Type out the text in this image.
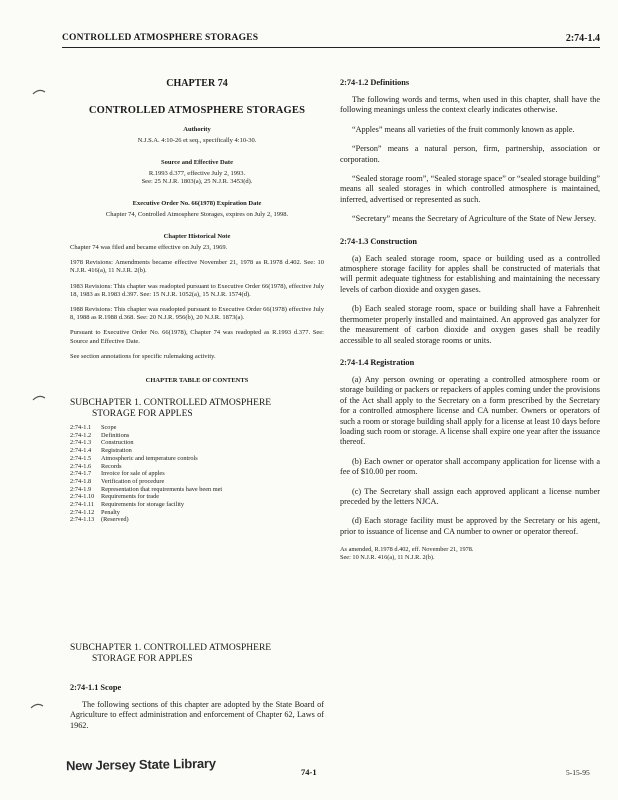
CONTROLLED ATMOSPHERE STORAGES	2:74-1.4
CHAPTER 74
CONTROLLED ATMOSPHERE STORAGES
Authority
N.J.S.A. 4:10-26 et seq., specifically 4:10-30.
Source and Effective Date
R.1993 d.377, effective July 2, 1993.
See: 25 N.J.R. 1803(a), 25 N.J.R. 3453(d).
Executive Order No. 66(1978) Expiration Date
Chapter 74, Controlled Atmosphere Storages, expires on July 2, 1998.
Chapter Historical Note

Chapter 74 was filed and became effective on July 23, 1969.

1978 Revisions: Amendments became effective November 21, 1978 as R.1978 d.402. See: 10 N.J.R. 416(a), 11 N.J.R. 2(b).

1983 Revisions: This chapter was readopted pursuant to Executive Order 66(1978), effective July 18, 1983 as R.1983 d.397. See: 15 N.J.R. 1052(a), 15 N.J.R. 1574(d).

1988 Revisions: This chapter was readopted pursuant to Executive Order 66(1978) effective July 8, 1988 as R.1988 d.368. See: 20 N.J.R. 956(b), 20 N.J.R. 1873(a).

Pursuant to Executive Order No. 66(1978), Chapter 74 was readopted as R.1993 d.377. See: Source and Effective Date.

See section annotations for specific rulemaking activity.

CHAPTER TABLE OF CONTENTS
SUBCHAPTER 1. CONTROLLED ATMOSPHERE
STORAGE FOR APPLES
2:74-1.1 Scope
2:74-1.2 Definitions
2:74-1.3 Construction
2:74-1.4 Registration
2:74-1.5 Atmospheric and temperature controls
2:74-1.6 Records
2:74-1.7 Invoice for sale of apples
2:74-1.8 Verification of procedure
2:74-1.9 Representation that requirements have been met
2:74-1.10 Requirements for trade
2:74-1.11 Requirements for storage facility
2:74-1.12 Penalty
2:74-1.13 (Reserved)
SUBCHAPTER 1. CONTROLLED ATMOSPHERE
STORAGE FOR APPLES
2:74-1.1 Scope

The following sections of this chapter are adopted by the State Board of Agriculture to effect administration and enforcement of Chapter 62, Laws of 1962.

2:74-1.2 Definitions

The following words and terms, when used in this chapter, shall have the following meanings unless the context clearly indicates otherwise.

“Apples” means all varieties of the fruit commonly known as apple.

“Person” means a natural person, firm, partnership, association or corporation.

“Sealed storage room”, “Sealed storage space” or “sealed storage building” means all sealed storages in which controlled atmosphere is maintained, inferred, advertised or represented as such.

“Secretary” means the Secretary of Agriculture of the State of New Jersey.

2:74-1.3 Construction

(a) Each sealed storage room, space or building used as a controlled atmosphere storage facility for apples shall be constructed of materials that will permit adequate tightness for establishing and maintaining the necessary levels of carbon dioxide and oxygen gases.

(b) Each sealed storage room, space or building shall have a Fahrenheit thermometer properly installed and maintained. An approved gas analyzer for the measurement of carbon dioxide and oxygen gases shall be readily accessible to all sealed storage rooms or units.

2:74-1.4 Registration

(a) Any person owning or operating a controlled atmosphere room or storage building or packers or repackers of apples coming under the provisions of the Act shall apply to the Secretary on a form prescribed by the Secretary for a controlled atmosphere license and CA number. Owners or operators of such a room or storage building shall apply for a license at least 10 days before loading such room or storage. A license shall expire one year after the issuance thereof.

(b) Each owner or operator shall accompany application for license with a fee of $10.00 per room.

(c) The Secretary shall assign each approved applicant a license number preceded by the letters NJCA.

(d) Each storage facility must be approved by the Secretary or his agent, prior to issuance of license and CA number to owner or operator thereof.

As amended, R.1978 d.402, eff. November 21, 1978.

See: 10 N.J.R. 416(a), 11 N.J.R. 2(b).

New Jersey State Library	74-1	5-15-95
